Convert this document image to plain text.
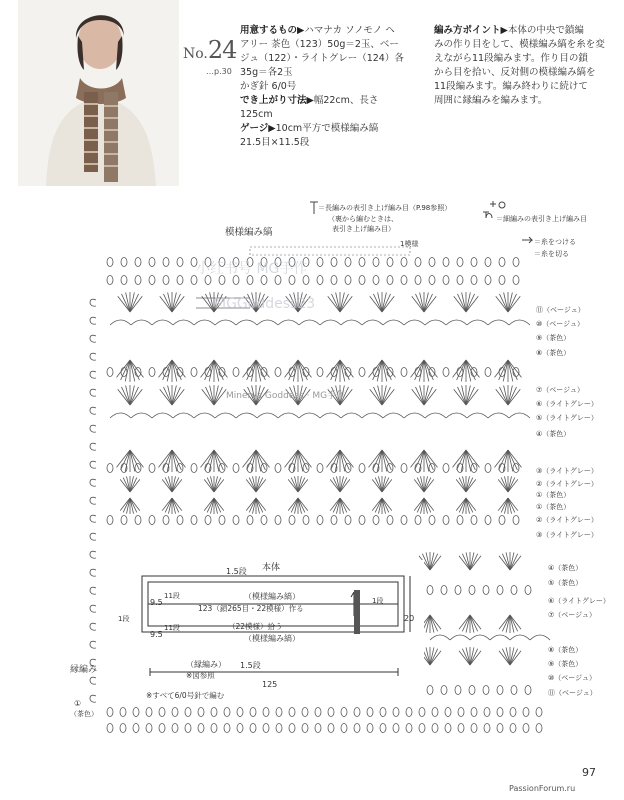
No.24
…p.30
用意するもの▶ハマナカ ソノモノ ヘ
アリー 茶色（123）50g＝2玉、ベー
ジュ（122）・ライトグレー（124）各
35g＝各2玉
かぎ針 6/0号
でき上がり寸法▶幅22cm、長さ
125cm
ゲージ▶10cm平方で模様編み縞
21.5目×11.5段
編み方ポイント▶本体の中央で鎖編
みの作り目をして、模様編み縞を糸を変
えながら11段編みます。作り目の鎖
から目を拾い、反対側の模様編み縞を
11段編みます。編み終わりに続けて
周囲に縁編みを編みます。
＝長編みの表引き上げ編み目（P.98参照）
（裏から編むときは、
表引き上げ編み目）
＝細編みの表引き上げ編み目
＝糸をつける
＝糸を切る
1模様
模様編み縞
⑪（ベージュ）
⑩（ベージュ）
⑨（茶色）
⑧（茶色）
⑦（ベージュ）
⑥（ライトグレー）
⑤（ライトグレー）
④（茶色）
③（ライトグレー）
②（ライトグレー）
①（茶色）
①（茶色）
②（ライトグレー）
③（ライトグレー）
④（茶色）
⑤（茶色）
⑥（ライトグレー）
⑦（ベージュ）
⑧（茶色）
⑨（茶色）
⑩（ベージュ）
⑪（ベージュ）
本体
1.5段
（模様編み縞）
123（鎖265目・22模様）作る
（22模様）拾う
（模様編み縞）
（縁編み）
※図参照
1.5段
9.5
9.5
11段
11段
1段
1段
20
125
※すべて6/0号針で編む
縁編み
①
（茶色）
Minerva Goddess · MG手作
小红书号 MG手作
MGGoddess23
97
PassionForum.ru
